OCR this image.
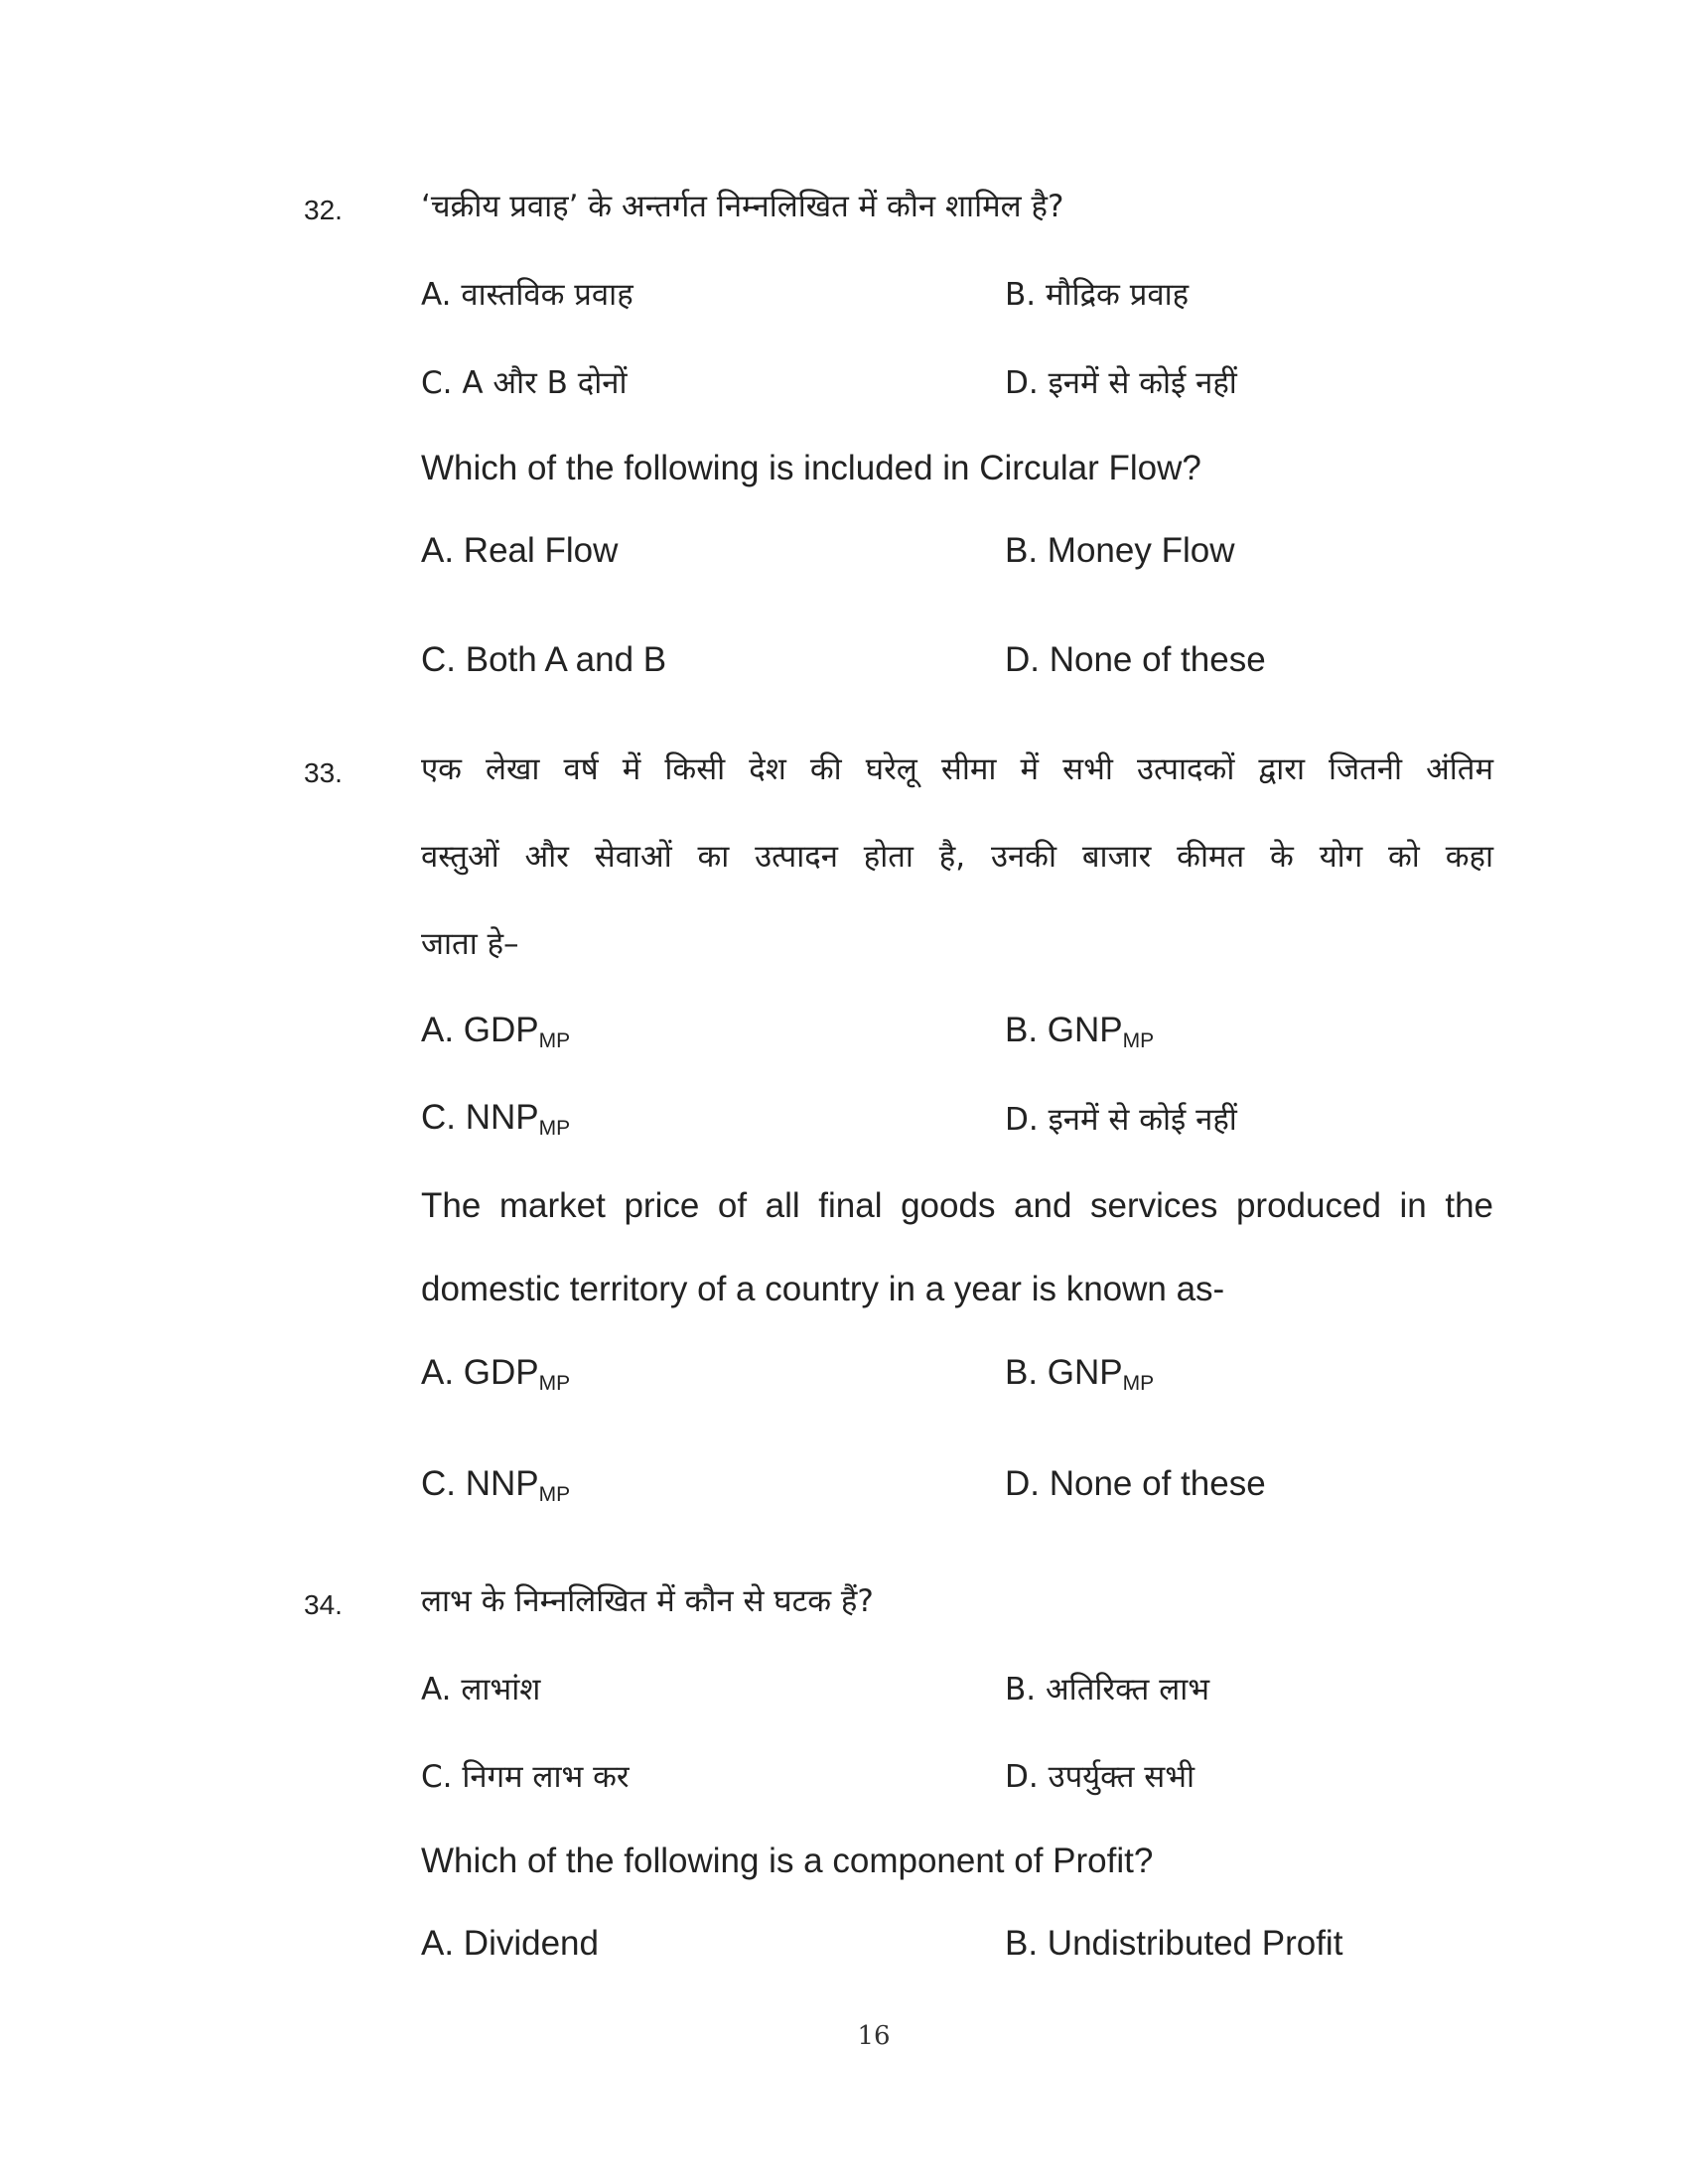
32.	‘चक्रीय प्रवाह’ के अन्तर्गत निम्नलिखित में कौन शामिल है?
A. वास्तविक प्रवाह	B. मौद्रिक प्रवाह
C. A और B दोनों	D. इनमें से कोई नहीं
Which of the following is included in Circular Flow?
A. Real Flow	B. Money Flow
C. Both A and B	D. None of these
33.	एक लेखा वर्ष में किसी देश की घरेलू सीमा में सभी उत्पादकों द्वारा जितनी अंतिम
वस्तुओं और सेवाओं का उत्पादन होता है, उनकी बाजार कीमत के योग को कहा
जाता हे–
A. $GDP_{MP}$	B. $GNP_{MP}$
C. $NNP_{MP}$	D. इनमें से कोई नहीं
The market price of all final goods and services produced in the
domestic territory of a country in a year is known as-
A. $GDP_{MP}$	B. $GNP_{MP}$
C. $NNP_{MP}$	D. None of these
34.	लाभ के निम्नलिखित में कौन से घटक हैं?
A. लाभांश	B. अतिरिक्त लाभ
C. निगम लाभ कर	D. उपर्युक्त सभी
Which of the following is a component of Profit?
A. Dividend	B. Undistributed Profit
16
